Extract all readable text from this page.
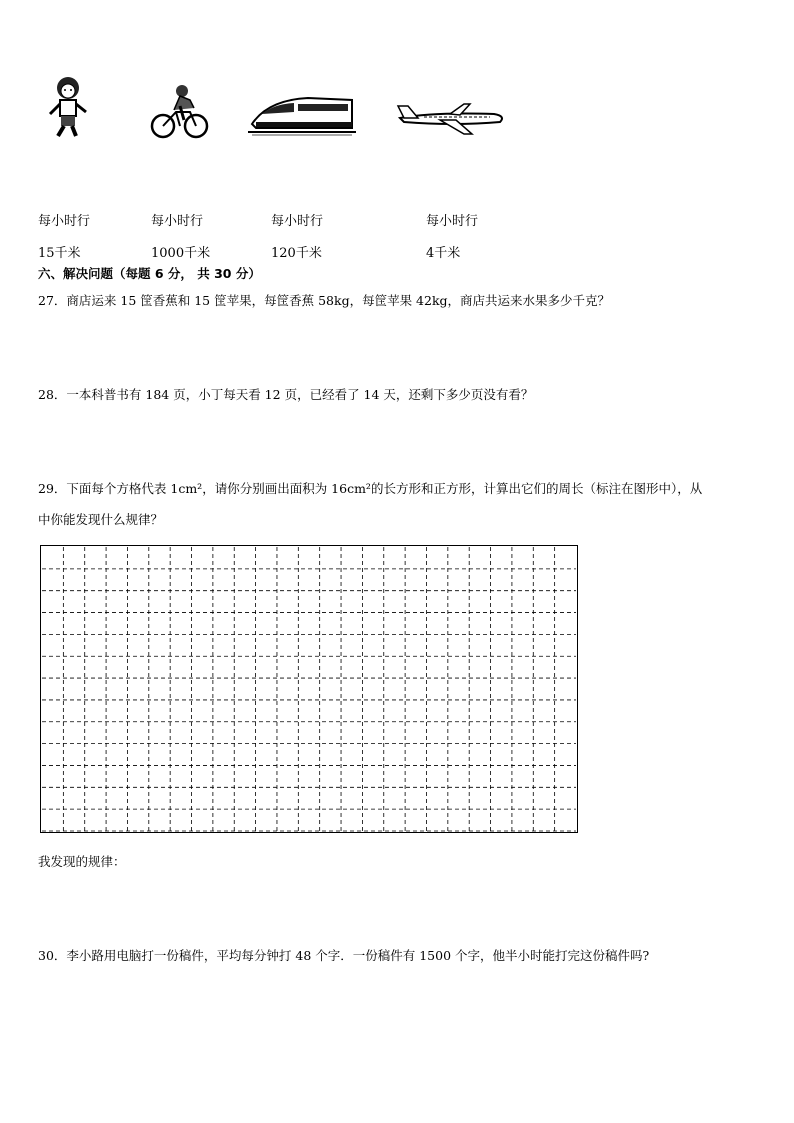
每小时行	每小时行	每小时行	每小时行
15千米	1000千米	120千米	4千米
六、解决问题（每题 6 分， 共 30 分）
27．商店运来 15 筐香蕉和 15 筐苹果，每筐香蕉 58kg，每筐苹果 42kg，商店共运来水果多少千克？
28．一本科普书有 184 页，小丁每天看 12 页，已经看了 14 天，还剩下多少页没有看？
29．下面每个方格代表 1cm²，请你分别画出面积为 16cm²的长方形和正方形，计算出它们的周长（标注在图形中），从
中你能发现什么规律？
我发现的规律：
30．李小路用电脑打一份稿件，平均每分钟打 48 个字．一份稿件有 1500 个字，他半小时能打完这份稿件吗?
